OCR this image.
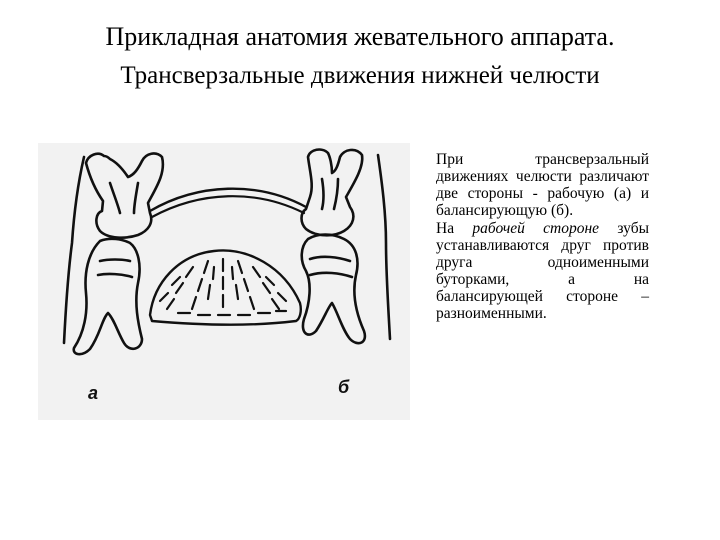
Прикладная анатомия жевательного аппарата.
Трансверзальные движения нижней челюсти
а	б

При трансверзальный движениях челюсти различают две стороны - рабочую (а) и балансирующую (б).

На рабочей стороне зубы устанавливаются друг против друга одноименными буторками, а на балансирующей стороне – разноименными.
